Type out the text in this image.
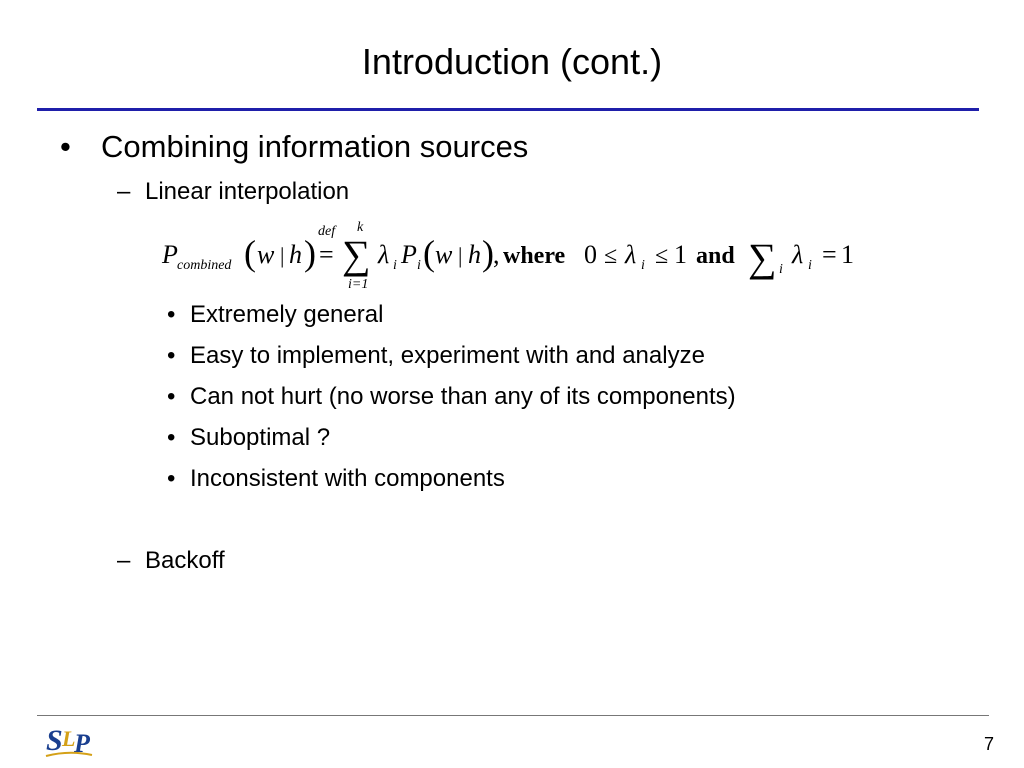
Introduction (cont.)
• Combining information sources
– Linear interpolation
P combined ( w | h )
def
=
k
∑
i=1
λ i P i ( w | h ) , where 0 ≤ λ i ≤ 1 and ∑ i
λ i = 1
• Extremely general
• Easy to implement, experiment with and analyze
• Can not hurt (no worse than any of its components)
• Suboptimal ?
• Inconsistent with components
– Backoff
S L
P	7
